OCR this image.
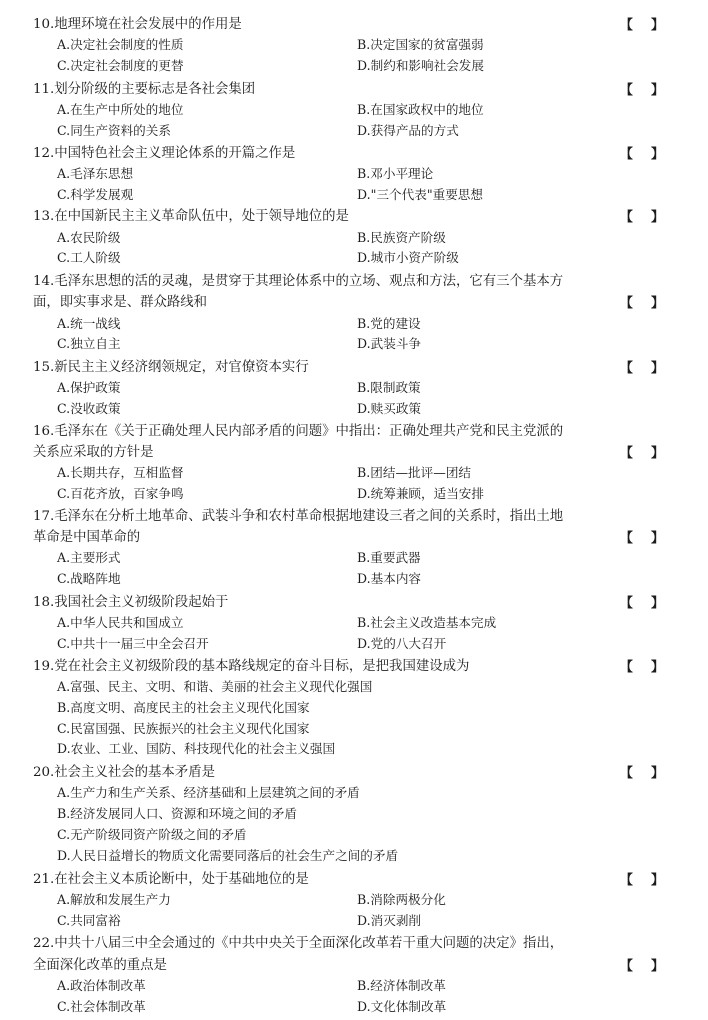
10.地理环境在社会发展中的作用是	【    】
A.决定社会制度的性质	B.决定国家的贫富强弱
C.决定社会制度的更替	D.制约和影响社会发展
11.划分阶级的主要标志是各社会集团	【    】
A.在生产中所处的地位	B.在国家政权中的地位
C.同生产资料的关系	D.获得产品的方式
12.中国特色社会主义理论体系的开篇之作是	【    】
A.毛泽东思想	B.邓小平理论
C.科学发展观	D."三个代表"重要思想
13.在中国新民主主义革命队伍中，处于领导地位的是	【    】
A.农民阶级	B.民族资产阶级
C.工人阶级	D.城市小资产阶级
14.毛泽东思想的活的灵魂，是贯穿于其理论体系中的立场、观点和方法，它有三个基本方面，即实事求是、群众路线和	【    】
A.统一战线	B.党的建设
C.独立自主	D.武装斗争
15.新民主主义经济纲领规定，对官僚资本实行	【    】
A.保护政策	B.限制政策
C.没收政策	D.赎买政策
16.毛泽东在《关于正确处理人民内部矛盾的问题》中指出：正确处理共产党和民主党派的关系应采取的方针是	【    】
A.长期共存，互相监督	B.团结—批评—团结
C.百花齐放，百家争鸣	D.统筹兼顾，适当安排
17.毛泽东在分析土地革命、武装斗争和农村革命根据地建设三者之间的关系时，指出土地革命是中国革命的	【    】
A.主要形式	B.重要武器
C.战略阵地	D.基本内容
18.我国社会主义初级阶段起始于	【    】
A.中华人民共和国成立	B.社会主义改造基本完成
C.中共十一届三中全会召开	D.党的八大召开
19.党在社会主义初级阶段的基本路线规定的奋斗目标，是把我国建设成为	【    】
A.富强、民主、文明、和谐、美丽的社会主义现代化强国
B.高度文明、高度民主的社会主义现代化国家
C.民富国强、民族振兴的社会主义现代化国家
D.农业、工业、国防、科技现代化的社会主义强国
20.社会主义社会的基本矛盾是	【    】
A.生产力和生产关系、经济基础和上层建筑之间的矛盾
B.经济发展同人口、资源和环境之间的矛盾
C.无产阶级同资产阶级之间的矛盾
D.人民日益增长的物质文化需要同落后的社会生产之间的矛盾
21.在社会主义本质论断中，处于基础地位的是	【    】
A.解放和发展生产力	B.消除两极分化
C.共同富裕	D.消灭剥削
22.中共十八届三中全会通过的《中共中央关于全面深化改革若干重大问题的决定》指出，全面深化改革的重点是	【    】
A.政治体制改革	B.经济体制改革
C.社会体制改革	D.文化体制改革
